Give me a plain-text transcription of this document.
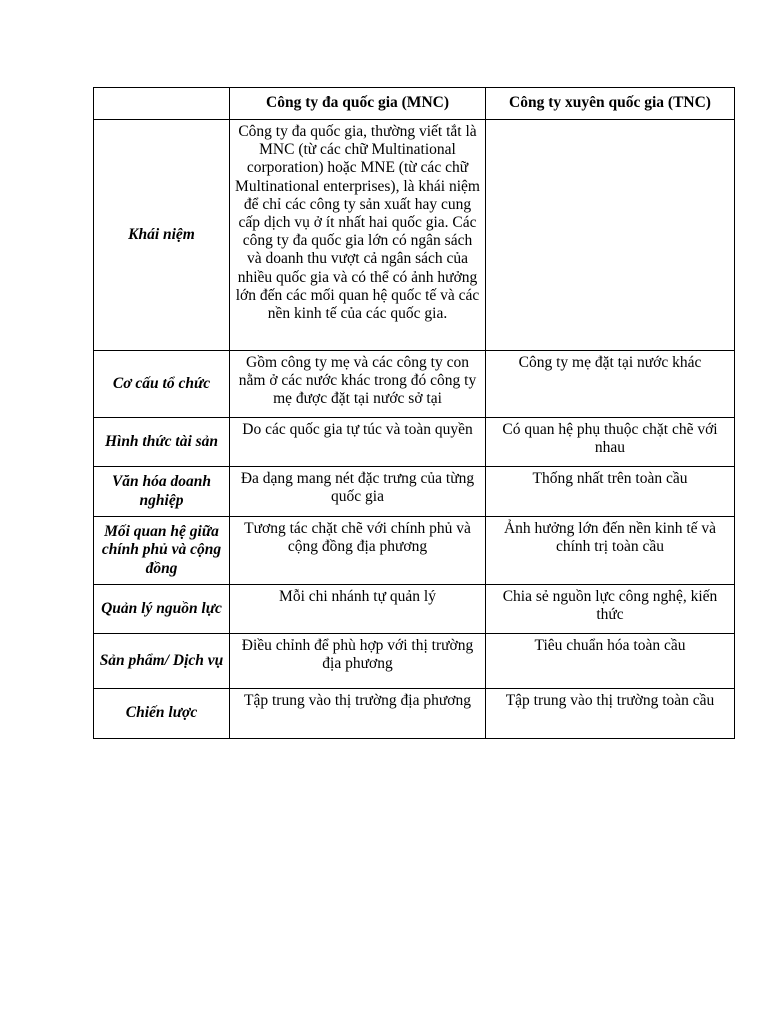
	Công ty đa quốc gia (MNC)	Công ty xuyên quốc gia (TNC)
Khái niệm	Công ty đa quốc gia, thường viết tắt là MNC (từ các chữ Multinational corporation) hoặc MNE (từ các chữ Multinational enterprises), là khái niệm để chỉ các công ty sản xuất hay cung cấp dịch vụ ở ít nhất hai quốc gia. Các công ty đa quốc gia lớn có ngân sách và doanh thu vượt cả ngân sách của nhiều quốc gia và có thể có ảnh hưởng lớn đến các mối quan hệ quốc tế và các nền kinh tế của các quốc gia.	
Cơ cấu tổ chức	Gồm công ty mẹ và các công ty con nằm ở các nước khác trong đó công ty mẹ được đặt tại nước sở tại	Công ty mẹ đặt tại nước khác
Hình thức tài sản	Do các quốc gia tự túc và toàn quyền	Có quan hệ phụ thuộc chặt chẽ với nhau
Văn hóa doanh nghiệp	Đa dạng mang nét đặc trưng của từng quốc gia	Thống nhất trên toàn cầu
Mối quan hệ giữa chính phủ và cộng đồng	Tương tác chặt chẽ với chính phủ và cộng đồng địa phương	Ảnh hưởng lớn đến nền kinh tế và chính trị toàn cầu
Quản lý nguồn lực	Mỗi chi nhánh tự quản lý	Chia sẻ nguồn lực công nghệ, kiến thức
Sản phẩm/ Dịch vụ	Điều chỉnh để phù hợp với thị trường địa phương	Tiêu chuẩn hóa toàn cầu
Chiến lược	Tập trung vào thị trường địa phương	Tập trung vào thị trường toàn cầu
